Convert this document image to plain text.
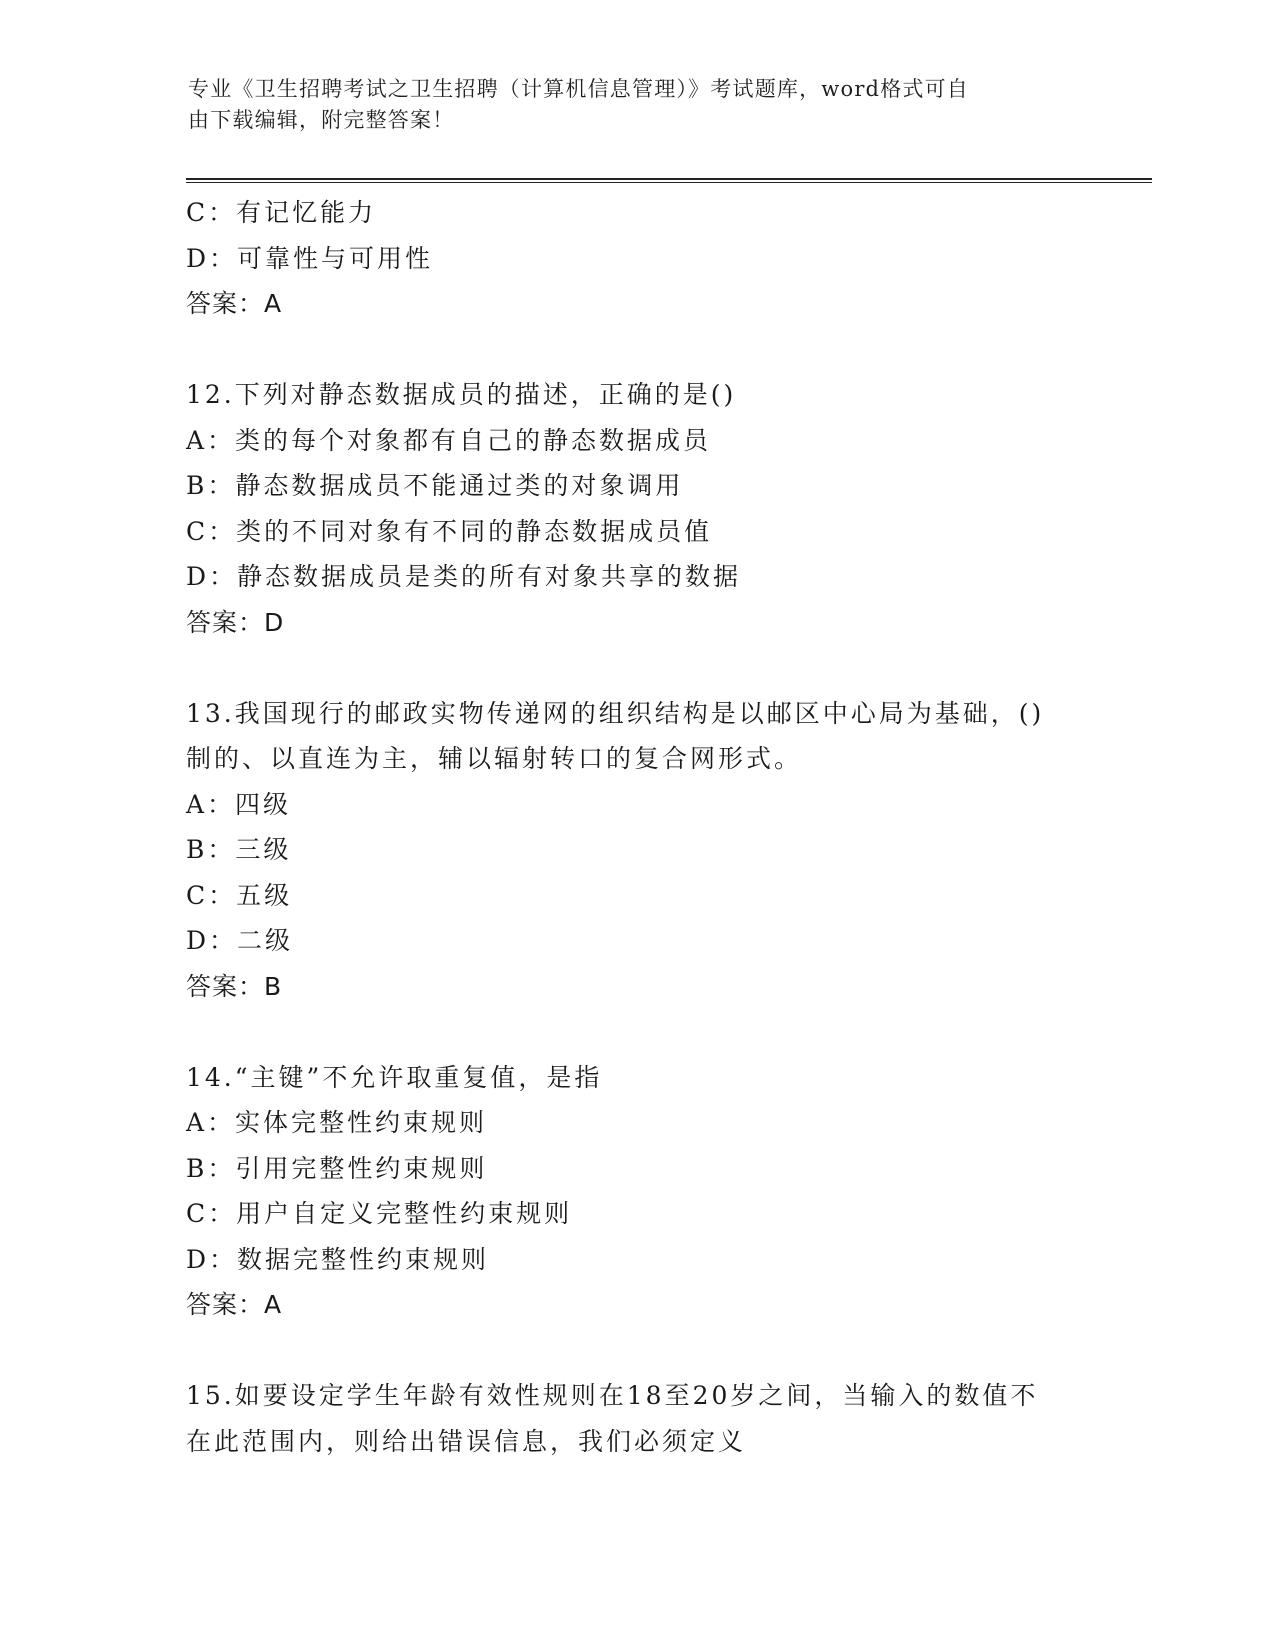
专业《卫生招聘考试之卫生招聘（计算机信息管理）》考试题库，word格式可自
由下载编辑，附完整答案！
C：有记忆能力
D：可靠性与可用性
答案：A
12.下列对静态数据成员的描述，正确的是()
A：类的每个对象都有自己的静态数据成员
B：静态数据成员不能通过类的对象调用
C：类的不同对象有不同的静态数据成员值
D：静态数据成员是类的所有对象共享的数据
答案：D
13.我国现行的邮政实物传递网的组织结构是以邮区中心局为基础，()
制的、以直连为主，辅以辐射转口的复合网形式。
A：四级
B：三级
C：五级
D：二级
答案：B
14.“主键”不允许取重复值，是指
A：实体完整性约束规则
B：引用完整性约束规则
C：用户自定义完整性约束规则
D：数据完整性约束规则
答案：A
15.如要设定学生年龄有效性规则在18至20岁之间，当输入的数值不
在此范围内，则给出错误信息，我们必须定义
